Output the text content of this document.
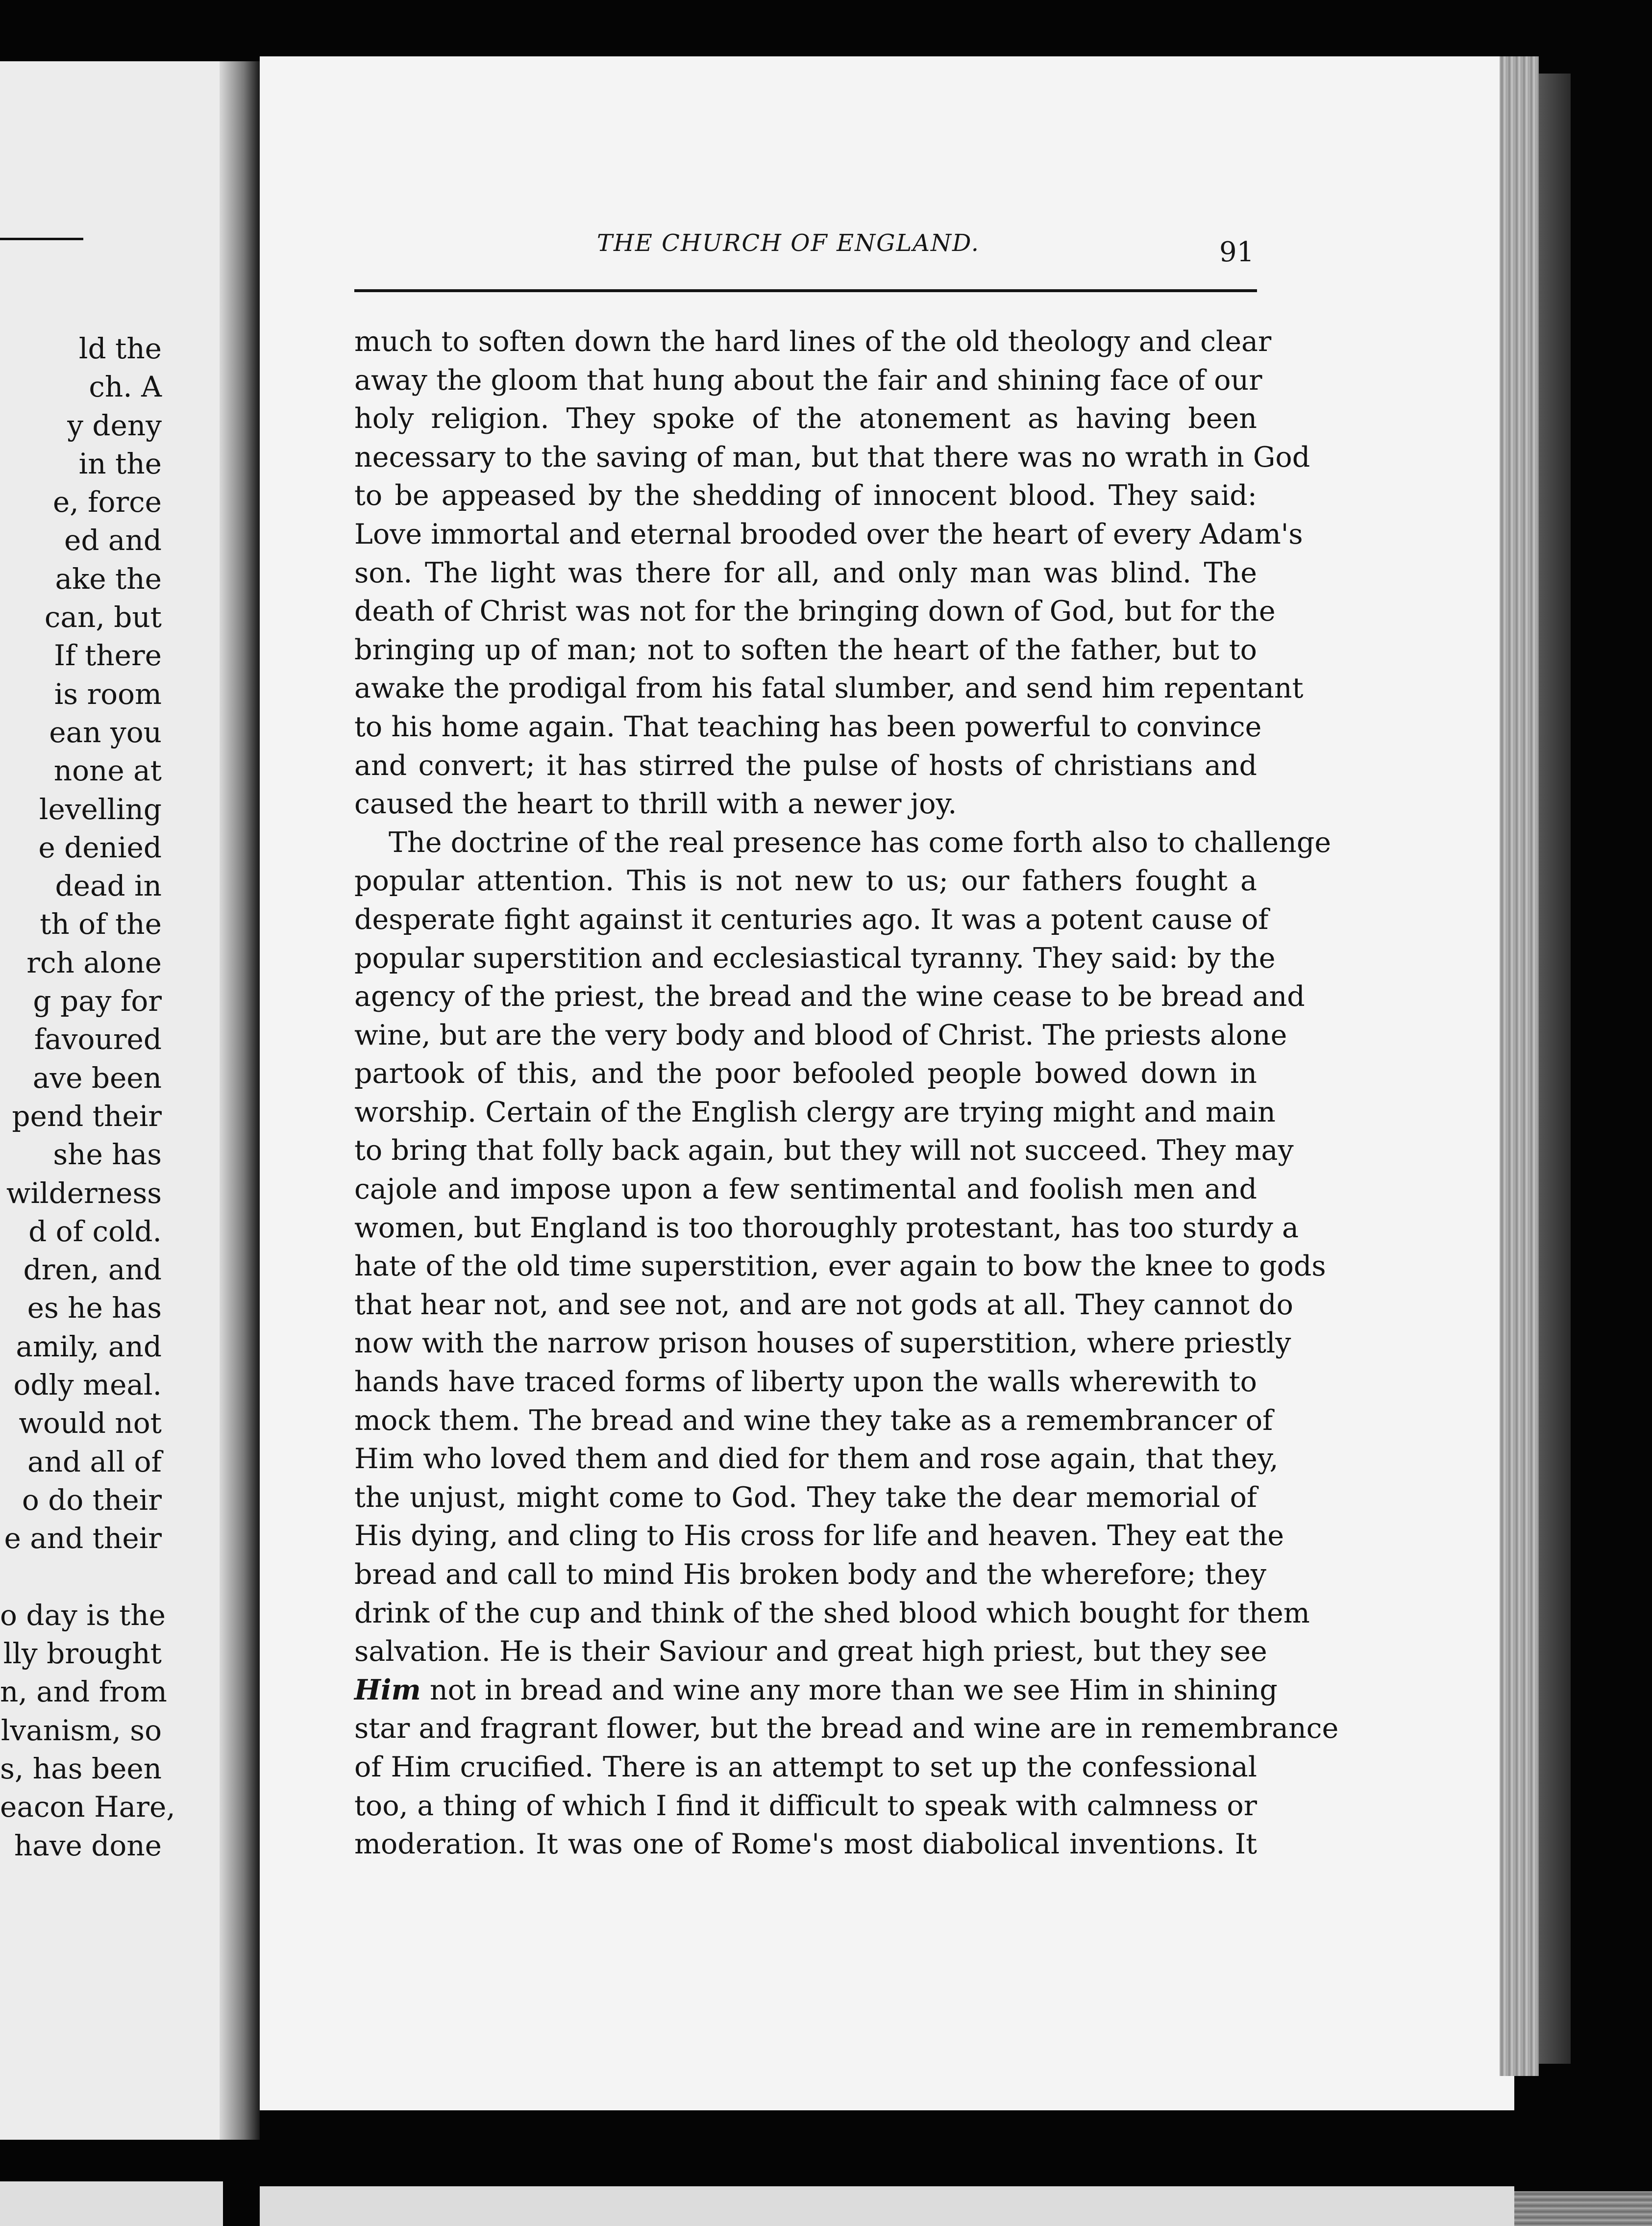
ld the
ch. A
y deny
in the
e, force
ed and
ake the
can, but
If there
is room
ean you
none at
levelling
e denied
dead in
th of the
rch alone
g pay for
favoured
ave been
pend their
she has
wilderness
d of cold.
dren, and
es he has
amily, and
odly meal.
would not
and all of
o do their
e and their

o day is the
lly brought
n, and from
lvanism, so
s, has been
eacon Hare,
have done
THE CHURCH OF ENGLAND.	91
much to soften down the hard lines of the old theology and clear
away the gloom that hung about the fair and shining face of our
holy religion. They spoke of the atonement as having been
necessary to the saving of man, but that there was no wrath in God
to be appeased by the shedding of innocent blood. They said:
Love immortal and eternal brooded over the heart of every Adam's
son. The light was there for all, and only man was blind. The
death of Christ was not for the bringing down of God, but for the
bringing up of man; not to soften the heart of the father, but to
awake the prodigal from his fatal slumber, and send him repentant
to his home again. That teaching has been powerful to convince
and convert; it has stirred the pulse of hosts of christians and
caused the heart to thrill with a newer joy.
The doctrine of the real presence has come forth also to challenge
popular attention. This is not new to us; our fathers fought a
desperate fight against it centuries ago. It was a potent cause of
popular superstition and ecclesiastical tyranny. They said: by the
agency of the priest, the bread and the wine cease to be bread and
wine, but are the very body and blood of Christ. The priests alone
partook of this, and the poor befooled people bowed down in
worship. Certain of the English clergy are trying might and main
to bring that folly back again, but they will not succeed. They may
cajole and impose upon a few sentimental and foolish men and
women, but England is too thoroughly protestant, has too sturdy a
hate of the old time superstition, ever again to bow the knee to gods
that hear not, and see not, and are not gods at all. They cannot do
now with the narrow prison houses of superstition, where priestly
hands have traced forms of liberty upon the walls wherewith to
mock them. The bread and wine they take as a remembrancer of
Him who loved them and died for them and rose again, that they,
the unjust, might come to God. They take the dear memorial of
His dying, and cling to His cross for life and heaven. They eat the
bread and call to mind His broken body and the wherefore; they
drink of the cup and think of the shed blood which bought for them
salvation. He is their Saviour and great high priest, but they see
Him not in bread and wine any more than we see Him in shining
star and fragrant flower, but the bread and wine are in remembrance
of Him crucified. There is an attempt to set up the confessional
too, a thing of which I find it difficult to speak with calmness or
moderation. It was one of Rome's most diabolical inventions. It
